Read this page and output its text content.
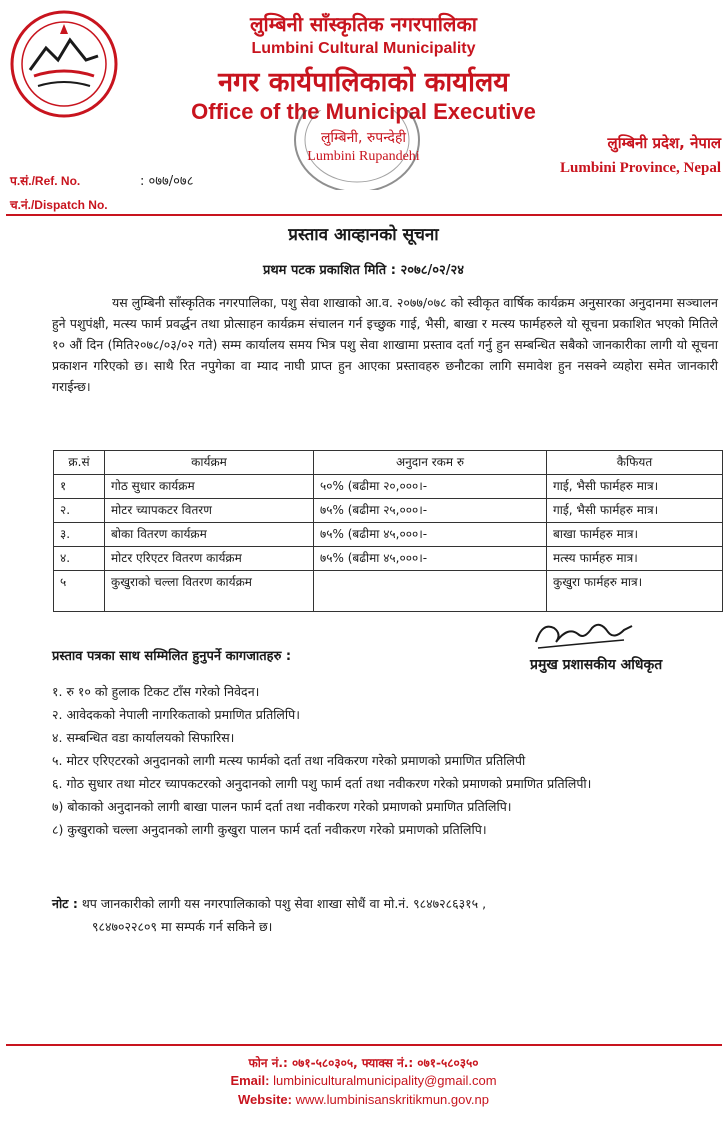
लुम्बिनी साँस्कृतिक नगरपालिका
Lumbini Cultural Municipality
नगर कार्यपालिकाको कार्यालय
Office of the Municipal Executive
लुम्बिनी, रुपन्देही
Lumbini Rupandehi
लुम्बिनी प्रदेश, नेपाल
Lumbini Province, Nepal
प.सं./Ref. No.	: ०७७/०७८
च.नं./Dispatch No.
प्रस्ताव आव्हानको सूचना
प्रथम पटक प्रकाशित मिति : २०७८/०२/२४
यस लुम्बिनी साँस्कृतिक नगरपालिका, पशु सेवा शाखाको आ.व. २०७७/०७८ को स्वीकृत वार्षिक कार्यक्रम अनुसारका अनुदानमा सञ्चालन हुने पशुपंक्षी, मत्स्य फार्म प्रवर्द्धन तथा प्रोत्साहन कार्यक्रम संचालन गर्न इच्छुक गाई, भैसी, बाखा र मत्स्य फार्महरुले यो सूचना प्रकाशित भएको मितिले १० औं दिन (मिति२०७८/०३/०२ गते) सम्म कार्यालय समय भित्र पशु सेवा शाखामा प्रस्ताव दर्ता गर्नु हुन सम्बन्धित सबैको जानकारीका लागी यो सूचना प्रकाशन गरिएको छ। साथै रित नपुगेका वा म्याद नाघी प्राप्त हुन आएका प्रस्तावहरु छनौटका लागि समावेश हुन नसक्ने व्यहोरा समेत जानकारी गराईन्छ।
क्र.सं	कार्यक्रम	अनुदान रकम रु	कैफियत
१	गोठ सुधार कार्यक्रम	५०% (बढीमा २०,०००।-	गाई, भैसी फार्महरु मात्र।
२.	मोटर च्यापकटर वितरण	७५% (बढीमा २५,०००।-	गाई, भैसी फार्महरु मात्र।
३.	बोका वितरण कार्यक्रम	७५% (बढीमा ४५,०००।-	बाखा फार्महरु मात्र।
४.	मोटर एरिएटर वितरण कार्यक्रम	७५% (बढीमा ४५,०००।-	मत्स्य फार्महरु मात्र।
५	कुखुराको चल्ला वितरण कार्यक्रम		कुखुरा फार्महरु मात्र।
प्रस्ताव पत्रका साथ सम्मिलित हुनुपर्ने कागजातहरु :
प्रमुख प्रशासकीय अधिकृत
१. रु १० को हुलाक टिकट टाँस गरेको निवेदन।
२. आवेदकको नेपाली नागरिकताको प्रमाणित प्रतिलिपि।
४. सम्बन्धित वडा कार्यालयको सिफारिस।
५. मोटर एरिएटरको अनुदानको लागी मत्स्य फार्मको दर्ता तथा नविकरण गरेको प्रमाणको प्रमाणित प्रतिलिपी
६. गोठ सुधार तथा मोटर च्यापकटरको अनुदानको लागी पशु फार्म दर्ता तथा नवीकरण गरेको प्रमाणको प्रमाणित प्रतिलिपी।
७) बोकाको अनुदानको लागी बाखा पालन फार्म दर्ता तथा नवीकरण गरेको प्रमाणको प्रमाणित प्रतिलिपि।
८) कुखुराको चल्ला अनुदानको लागी कुखुरा पालन फार्म दर्ता नवीकरण गरेको प्रमाणको प्रतिलिपि।
नोट : थप जानकारीको लागी यस नगरपालिकाको पशु सेवा शाखा सोधैं वा मो.नं. ९८४७२८६३१५ ,
९८४७०२२८०९ मा सम्पर्क गर्न सकिने छ।
फोन नं.: ०७१-५८०३०५, फ्याक्स नं.: ०७१-५८०३५०
Email: lumbiniculturalmunicipality@gmail.com
Website: www.lumbinisanskritikmun.gov.np
